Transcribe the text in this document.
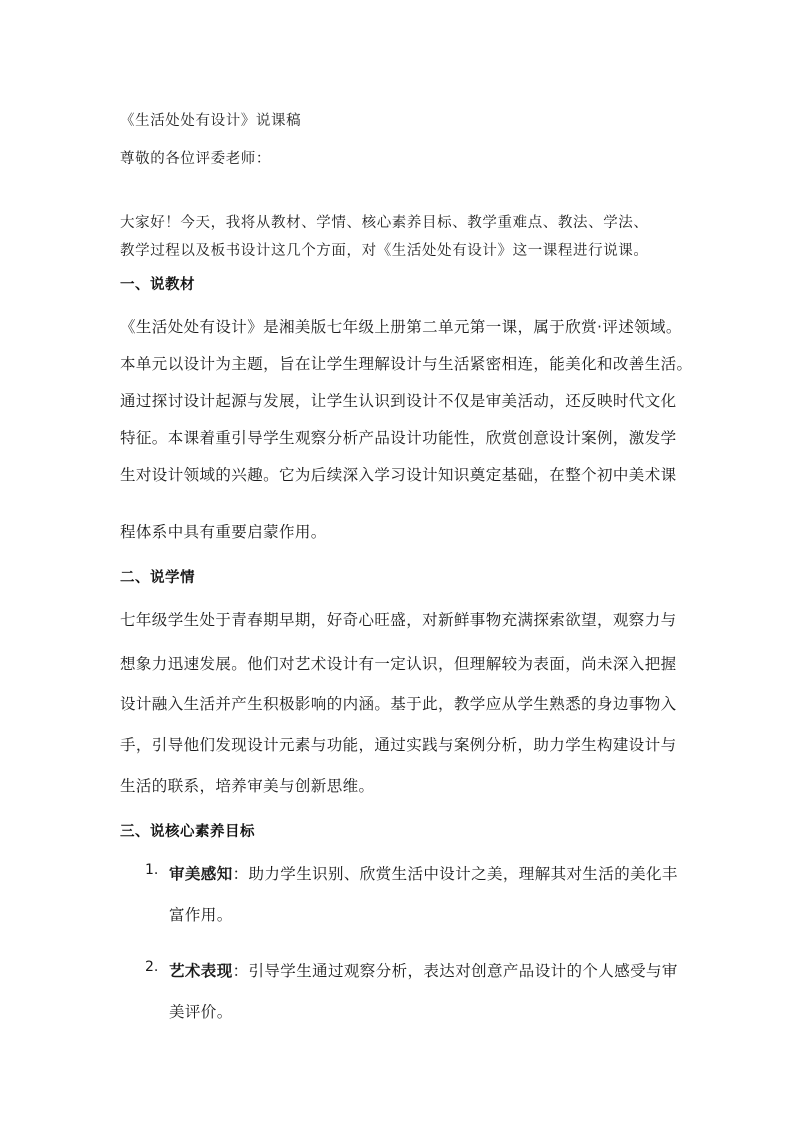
《生活处处有设计》说课稿
尊敬的各位评委老师：
大家好！今天，我将从教材、学情、核心素养目标、教学重难点、教法、学法、
教学过程以及板书设计这几个方面，对《生活处处有设计》这一课程进行说课。
一、说教材
《生活处处有设计》是湘美版七年级上册第二单元第一课，属于欣赏·评述领域。
本单元以设计为主题，旨在让学生理解设计与生活紧密相连，能美化和改善生活。
通过探讨设计起源与发展，让学生认识到设计不仅是审美活动，还反映时代文化
特征。本课着重引导学生观察分析产品设计功能性，欣赏创意设计案例，激发学
生对设计领域的兴趣。它为后续深入学习设计知识奠定基础，在整个初中美术课
程体系中具有重要启蒙作用。
二、说学情
七年级学生处于青春期早期，好奇心旺盛，对新鲜事物充满探索欲望，观察力与
想象力迅速发展。他们对艺术设计有一定认识，但理解较为表面，尚未深入把握
设计融入生活并产生积极影响的内涵。基于此，教学应从学生熟悉的身边事物入
手，引导他们发现设计元素与功能，通过实践与案例分析，助力学生构建设计与
生活的联系，培养审美与创新思维。
三、说核心素养目标
1. 审美感知：助力学生识别、欣赏生活中设计之美，理解其对生活的美化丰
富作用。
2. 艺术表现：引导学生通过观察分析，表达对创意产品设计的个人感受与审
美评价。
